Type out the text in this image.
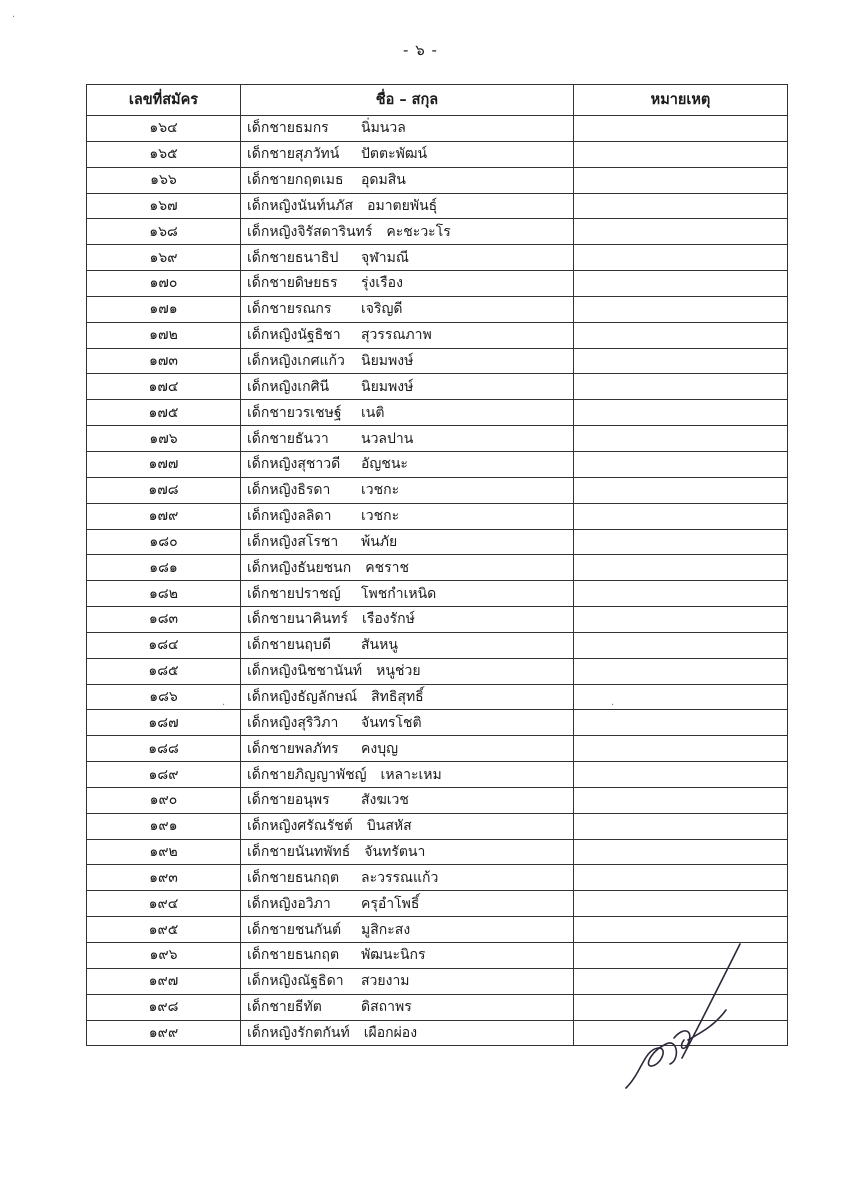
- ๖ -
เลขที่สมัคร	ชื่อ – สกุล	หมายเหตุ
๑๖๔	เด็กชายธมกร นิ่มนวล	
๑๖๕	เด็กชายสุภวัทน์ ปัตตะพัฒน์	
๑๖๖	เด็กชายกฤตเมธ อุดมสิน	
๑๖๗	เด็กหญิงนันท์นภัส อมาตยพันธุ์	
๑๖๘	เด็กหญิงจิรัสดารินทร์ คะชะวะโร	
๑๖๙	เด็กชายธนาธิป จุฬามณี	
๑๗๐	เด็กชายดิษยธร รุ่งเรือง	
๑๗๑	เด็กชายรณกร เจริญดี	
๑๗๒	เด็กหญิงนัฐธิชา สุวรรณภาพ	
๑๗๓	เด็กหญิงเกศแก้ว นิยมพงษ์	
๑๗๔	เด็กหญิงเกศินี นิยมพงษ์	
๑๗๕	เด็กชายวรเชษฐ์ เนติ	
๑๗๖	เด็กชายธันวา นวลปาน	
๑๗๗	เด็กหญิงสุชาวดี อัญชนะ	
๑๗๘	เด็กหญิงธิรดา เวชกะ	
๑๗๙	เด็กหญิงลลิดา เวชกะ	
๑๘๐	เด็กหญิงสโรชา พ้นภัย	
๑๘๑	เด็กหญิงธันยชนก คชราช	
๑๘๒	เด็กชายปราชญ์ โพชกำเหนิด	
๑๘๓	เด็กชายนาคินทร์ เรืองรักษ์	
๑๘๔	เด็กชายนฤบดี สันหนู	
๑๘๕	เด็กหญิงนิชชานันท์ หนูช่วย	
๑๘๖	เด็กหญิงธัญลักษณ์ สิทธิสุทธิ์	
๑๘๗	เด็กหญิงสุริวิภา จันทรโชติ	
๑๘๘	เด็กชายพลภัทร คงบุญ	
๑๘๙	เด็กชายภิญญาพัชญ์ เหลาะเหม	
๑๙๐	เด็กชายอนุพร สังฆเวช	
๑๙๑	เด็กหญิงศรัณรัชต์ บินสหัส	
๑๙๒	เด็กชายนันทพัทธ์ จันทรัตนา	
๑๙๓	เด็กชายธนกฤต ละวรรณแก้ว	
๑๙๔	เด็กหญิงอวิภา ครุอำโพธิ์	
๑๙๕	เด็กชายชนกันต์ มูสิกะสง	
๑๙๖	เด็กชายธนกฤต พัฒนะนิกร	
๑๙๗	เด็กหญิงณัฐธิดา สวยงาม	
๑๙๘	เด็กชายธีทัต ดิสถาพร	
๑๙๙	เด็กหญิงรักตกันท์ เผือกผ่อง	
·
·	·
